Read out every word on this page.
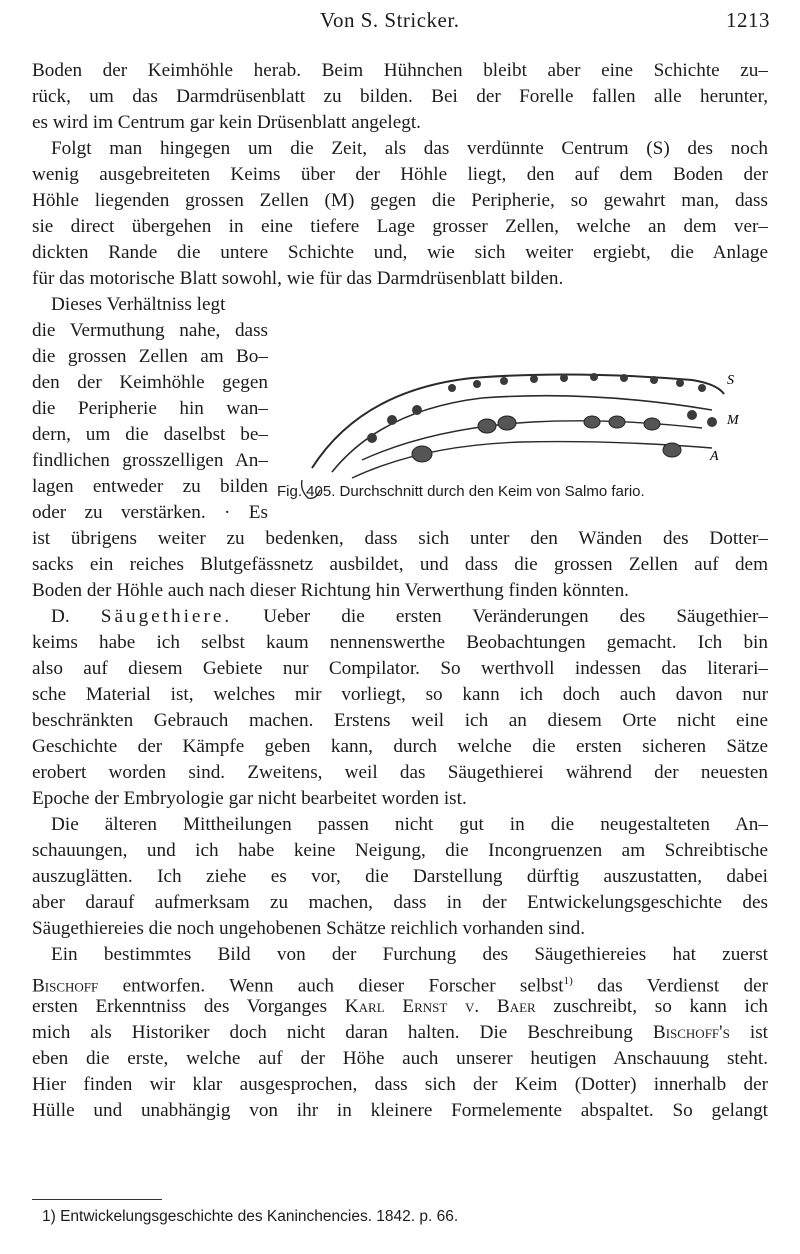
Von S. Stricker.	1213
Boden der Keimhöhle herab. Beim Hühnchen bleibt aber eine Schichte zu–
rück, um das Darmdrüsenblatt zu bilden. Bei der Forelle fallen alle herunter,
es wird im Centrum gar kein Drüsenblatt angelegt.
Folgt man hingegen um die Zeit, als das verdünnte Centrum (S) des noch
wenig ausgebreiteten Keims über der Höhle liegt, den auf dem Boden der
Höhle liegenden grossen Zellen (M) gegen die Peripherie, so gewahrt man, dass
sie direct übergehen in eine tiefere Lage grosser Zellen, welche an dem ver–
dickten Rande die untere Schichte und, wie sich weiter ergiebt, die Anlage
für das motorische Blatt sowohl, wie für das Darmdrüsenblatt bilden.
Dieses Verhältniss legt
die Vermuthung nahe, dass
die grossen Zellen am Bo–
den der Keimhöhle gegen
die Peripherie hin wan–
dern, um die daselbst be–
findlichen grosszelligen An–
lagen entweder zu bilden
oder zu verstärken. · Es
S
M
A
Fig. 405. Durchschnitt durch den Keim von Salmo fario.
ist übrigens weiter zu bedenken, dass sich unter den Wänden des Dotter–
sacks ein reiches Blutgefässnetz ausbildet, und dass die grossen Zellen auf dem
Boden der Höhle auch nach dieser Richtung hin Verwerthung finden könnten.
D. Säugethiere. Ueber die ersten Veränderungen des Säugethier–
keims habe ich selbst kaum nennenswerthe Beobachtungen gemacht. Ich bin
also auf diesem Gebiete nur Compilator. So werthvoll indessen das literari–
sche Material ist, welches mir vorliegt, so kann ich doch auch davon nur
beschränkten Gebrauch machen. Erstens weil ich an diesem Orte nicht eine
Geschichte der Kämpfe geben kann, durch welche die ersten sicheren Sätze
erobert worden sind. Zweitens, weil das Säugethierei während der neuesten
Epoche der Embryologie gar nicht bearbeitet worden ist.
Die älteren Mittheilungen passen nicht gut in die neugestalteten An–
schauungen, und ich habe keine Neigung, die Incongruenzen am Schreibtische
auszuglätten. Ich ziehe es vor, die Darstellung dürftig auszustatten, dabei
aber darauf aufmerksam zu machen, dass in der Entwickelungsgeschichte des
Säugethiereies die noch ungehobenen Schätze reichlich vorhanden sind.
Ein bestimmtes Bild von der Furchung des Säugethiereies hat zuerst
Bischoff entworfen. Wenn auch dieser Forscher selbst$^{1)}$ das Verdienst der
ersten Erkenntniss des Vorganges Karl Ernst v. Baer zuschreibt, so kann ich
mich als Historiker doch nicht daran halten. Die Beschreibung Bischoff's ist
eben die erste, welche auf der Höhe auch unserer heutigen Anschauung steht.
Hier finden wir klar ausgesprochen, dass sich der Keim (Dotter) innerhalb der
Hülle und unabhängig von ihr in kleinere Formelemente abspaltet. So gelangt
1) Entwickelungsgeschichte des Kaninchencies. 1842. p. 66.
